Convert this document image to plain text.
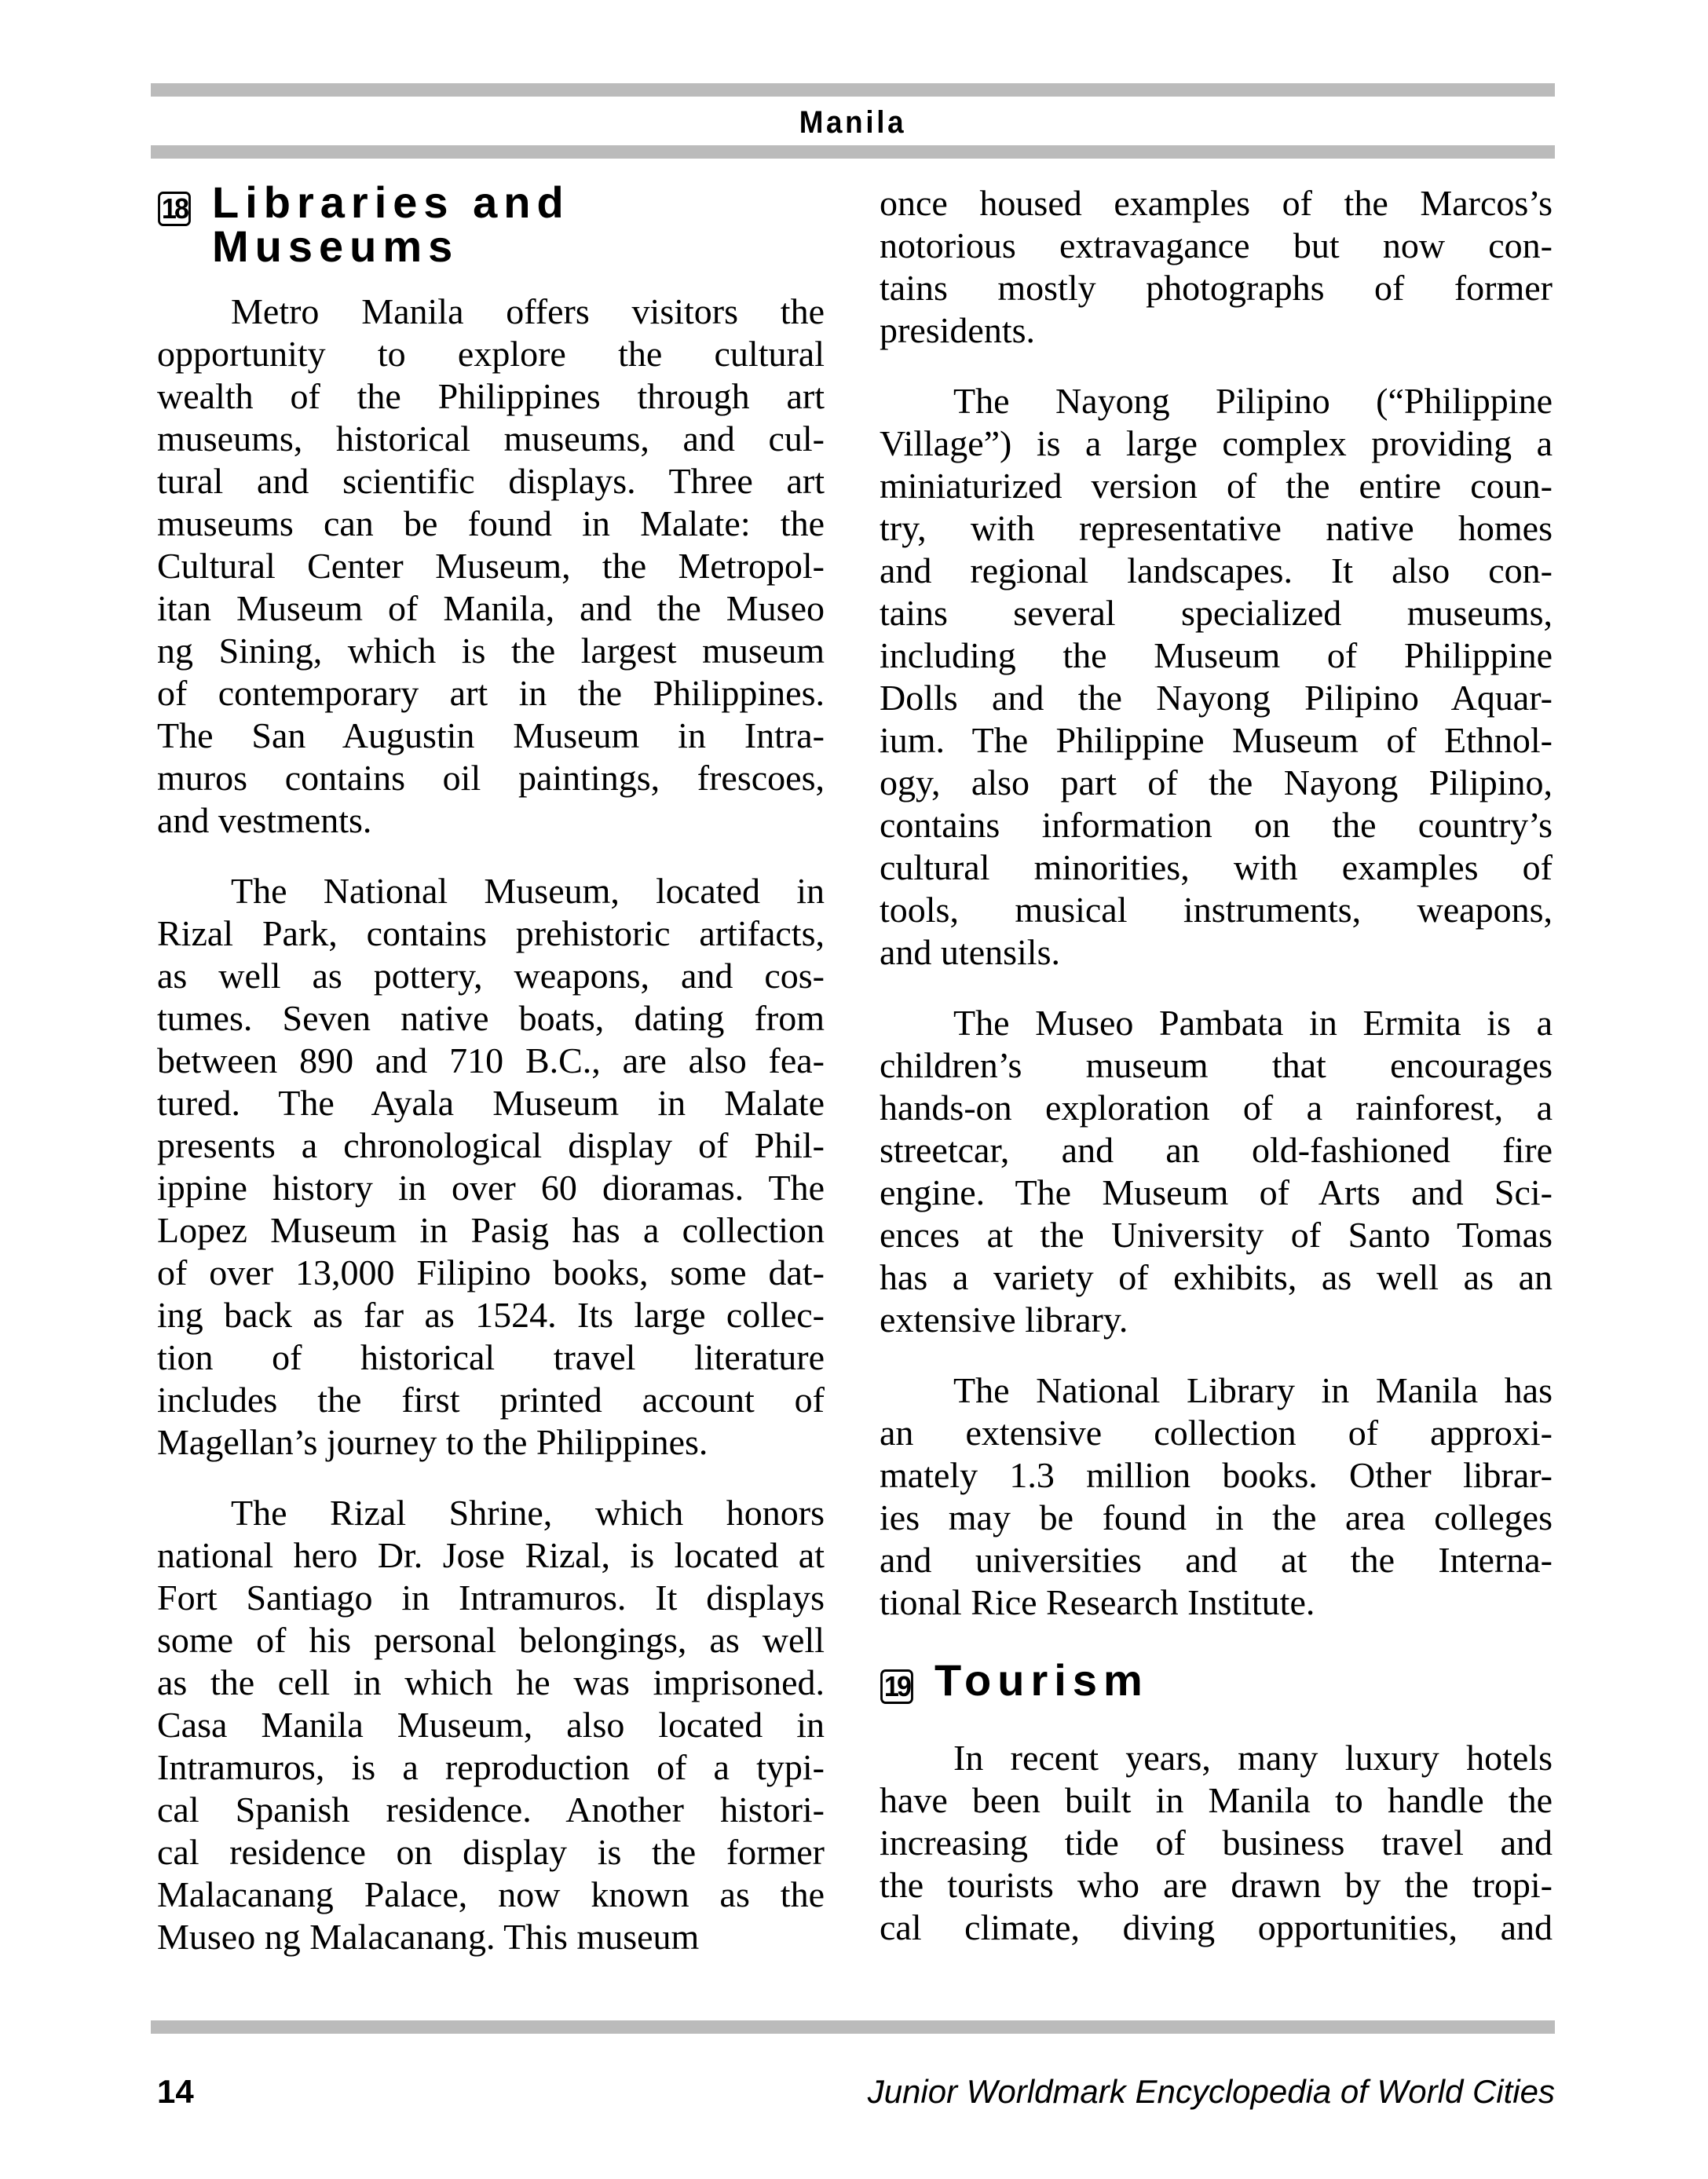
Manila
18 Libraries and
Museums
Metro Manila offers visitors the
opportunity to explore the cultural
wealth of the Philippines through art
museums, historical museums, and cul-
tural and scientific displays. Three art
museums can be found in Malate: the
Cultural Center Museum, the Metropol-
itan Museum of Manila, and the Museo
ng Sining, which is the largest museum
of contemporary art in the Philippines.
The San Augustin Museum in Intra-
muros contains oil paintings, frescoes,
and vestments.
The National Museum, located in
Rizal Park, contains prehistoric artifacts,
as well as pottery, weapons, and cos-
tumes. Seven native boats, dating from
between 890 and 710 B.C., are also fea-
tured. The Ayala Museum in Malate
presents a chronological display of Phil-
ippine history in over 60 dioramas. The
Lopez Museum in Pasig has a collection
of over 13,000 Filipino books, some dat-
ing back as far as 1524. Its large collec-
tion of historical travel literature
includes the first printed account of
Magellan’s journey to the Philippines.
The Rizal Shrine, which honors
national hero Dr. Jose Rizal, is located at
Fort Santiago in Intramuros. It displays
some of his personal belongings, as well
as the cell in which he was imprisoned.
Casa Manila Museum, also located in
Intramuros, is a reproduction of a typi-
cal Spanish residence. Another histori-
cal residence on display is the former
Malacanang Palace, now known as the
Museo ng Malacanang. This museum
once housed examples of the Marcos’s
notorious extravagance but now con-
tains mostly photographs of former
presidents.
The Nayong Pilipino (“Philippine
Village”) is a large complex providing a
miniaturized version of the entire coun-
try, with representative native homes
and regional landscapes. It also con-
tains several specialized museums,
including the Museum of Philippine
Dolls and the Nayong Pilipino Aquar-
ium. The Philippine Museum of Ethnol-
ogy, also part of the Nayong Pilipino,
contains information on the country’s
cultural minorities, with examples of
tools, musical instruments, weapons,
and utensils.
The Museo Pambata in Ermita is a
children’s museum that encourages
hands-on exploration of a rainforest, a
streetcar, and an old-fashioned fire
engine. The Museum of Arts and Sci-
ences at the University of Santo Tomas
has a variety of exhibits, as well as an
extensive library.
The National Library in Manila has
an extensive collection of approxi-
mately 1.3 million books. Other librar-
ies may be found in the area colleges
and universities and at the Interna-
tional Rice Research Institute.
19 Tourism
In recent years, many luxury hotels
have been built in Manila to handle the
increasing tide of business travel and
the tourists who are drawn by the tropi-
cal climate, diving opportunities, and
14	Junior Worldmark Encyclopedia of World Cities
